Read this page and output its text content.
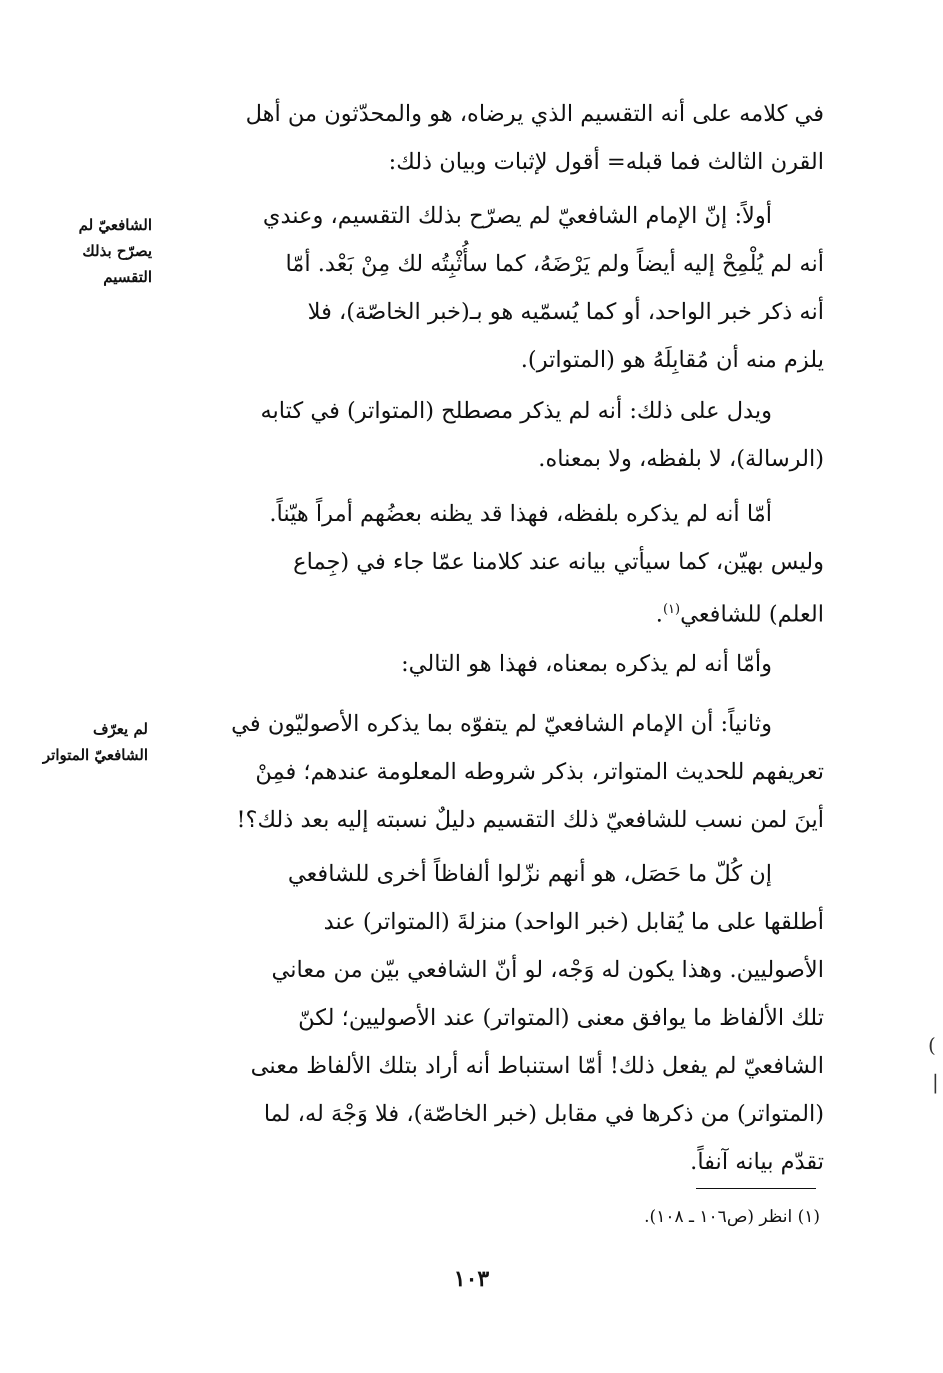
في كلامه على أنه التقسيم الذي يرضاه، هو والمحدّثون من أهل
القرن الثالث فما قبله= أقول لإثبات وبيان ذلك:
أولاً: إنّ الإمام الشافعيّ لم يصرّح بذلك التقسيم، وعندي
أنه لم يُلْمِحْ إليه أيضاً ولم يَرْضَهُ، كما سأُثْبِتُه لك مِنْ بَعْد. أمّا
أنه ذكر خبر الواحد، أو كما يُسمّيه هو بـ(خبر الخاصّة)، فلا
يلزم منه أن مُقابِلَهُ هو (المتواتر).
ويدل على ذلك: أنه لم يذكر مصطلح (المتواتر) في كتابه
(الرسالة)، لا بلفظه، ولا بمعناه.
أمّا أنه لم يذكره بلفظه، فهذا قد يظنه بعضُهم أمراً هيّناً.
وليس بهيّن، كما سيأتي بيانه عند كلامنا عمّا جاء في (جِماع
العلم) للشافعي$^{(١)}$.
وأمّا أنه لم يذكره بمعناه، فهذا هو التالي:
وثانياً: أن الإمام الشافعيّ لم يتفوّه بما يذكره الأصوليّون في
تعريفهم للحديث المتواتر، بذكر شروطه المعلومة عندهم؛ فمِنْ
أينَ لمن نسب للشافعيّ ذلك التقسيم دليلٌ نسبته إليه بعد ذلك؟!
إن كُلّ ما حَصَل، هو أنهم نزّلوا ألفاظاً أخرى للشافعي
أطلقها على ما يُقابل (خبر الواحد) منزلةَ (المتواتر) عند
الأصوليين. وهذا يكون له وَجْه، لو أنّ الشافعي بيّن من معاني
تلك الألفاظ ما يوافق معنى (المتواتر) عند الأصوليين؛ لكنّ
الشافعيّ لم يفعل ذلك! أمّا استنباط أنه أراد بتلك الألفاظ معنى
(المتواتر) من ذكرها في مقابل (خبر الخاصّة)، فلا وَجْهَ له، لما
تقدّم بيانه آنفاً.
الشافعيّ لم
يصرّح بذلك
التقسيم
لم يعرّف
الشافعيّ المتواتر
(
|
(١) انظر (ص١٠٦ ـ ١٠٨).
١٠٣
